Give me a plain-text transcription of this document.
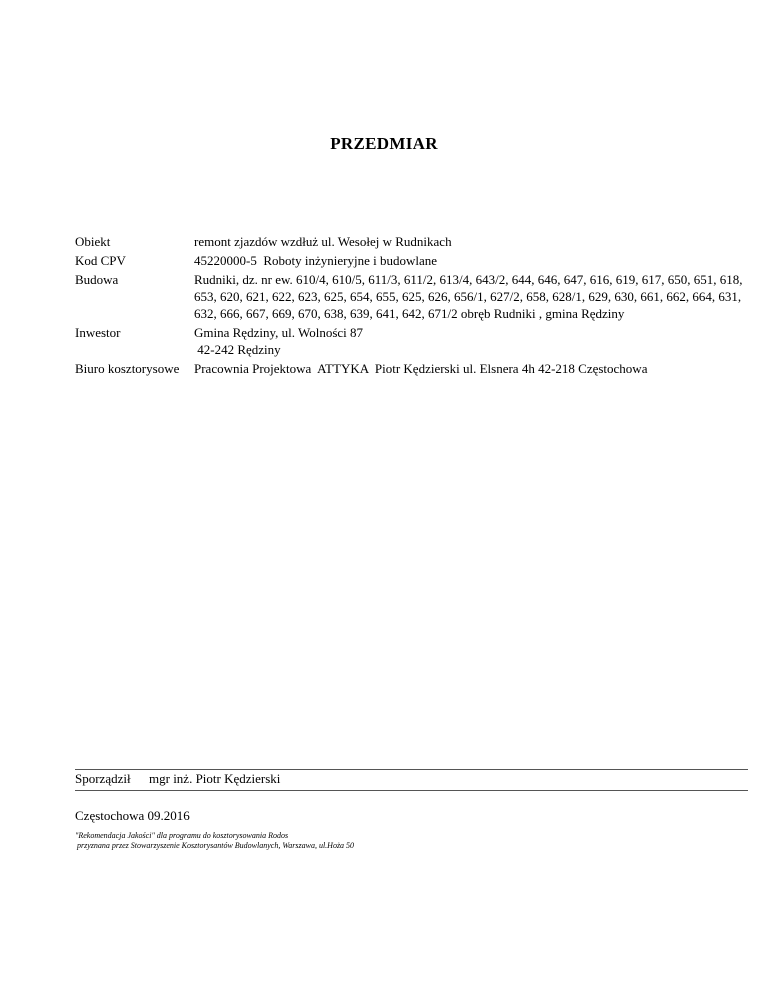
PRZEDMIAR
Obiekt	remont zjazdów wzdłuż ul. Wesołej w Rudnikach
Kod CPV	45220000-5  Roboty inżynieryjne i budowlane
Budowa	Rudniki, dz. nr ew. 610/4, 610/5, 611/3, 611/2, 613/4, 643/2, 644, 646, 647, 616, 619, 617, 650, 651, 618, 653, 620, 621, 622, 623, 625, 654, 655, 625, 626, 656/1, 627/2, 658, 628/1, 629, 630, 661, 662, 664, 631, 632, 666, 667, 669, 670, 638, 639, 641, 642, 671/2 obręb Rudniki , gmina Rędziny
Inwestor	Gmina Rędziny, ul. Wolności 87
42-242 Rędziny
Biuro kosztorysowe	Pracownia Projektowa  ATTYKA  Piotr Kędzierski ul. Elsnera 4h 42-218 Częstochowa
Sporządził mgr inż. Piotr Kędzierski
Częstochowa 09.2016
"Rekomendacja Jakości" dla programu do kosztorysowania Rodos
przyznana przez Stowarzyszenie Kosztorysantów Budowlanych, Warszawa, ul.Hoża 50
